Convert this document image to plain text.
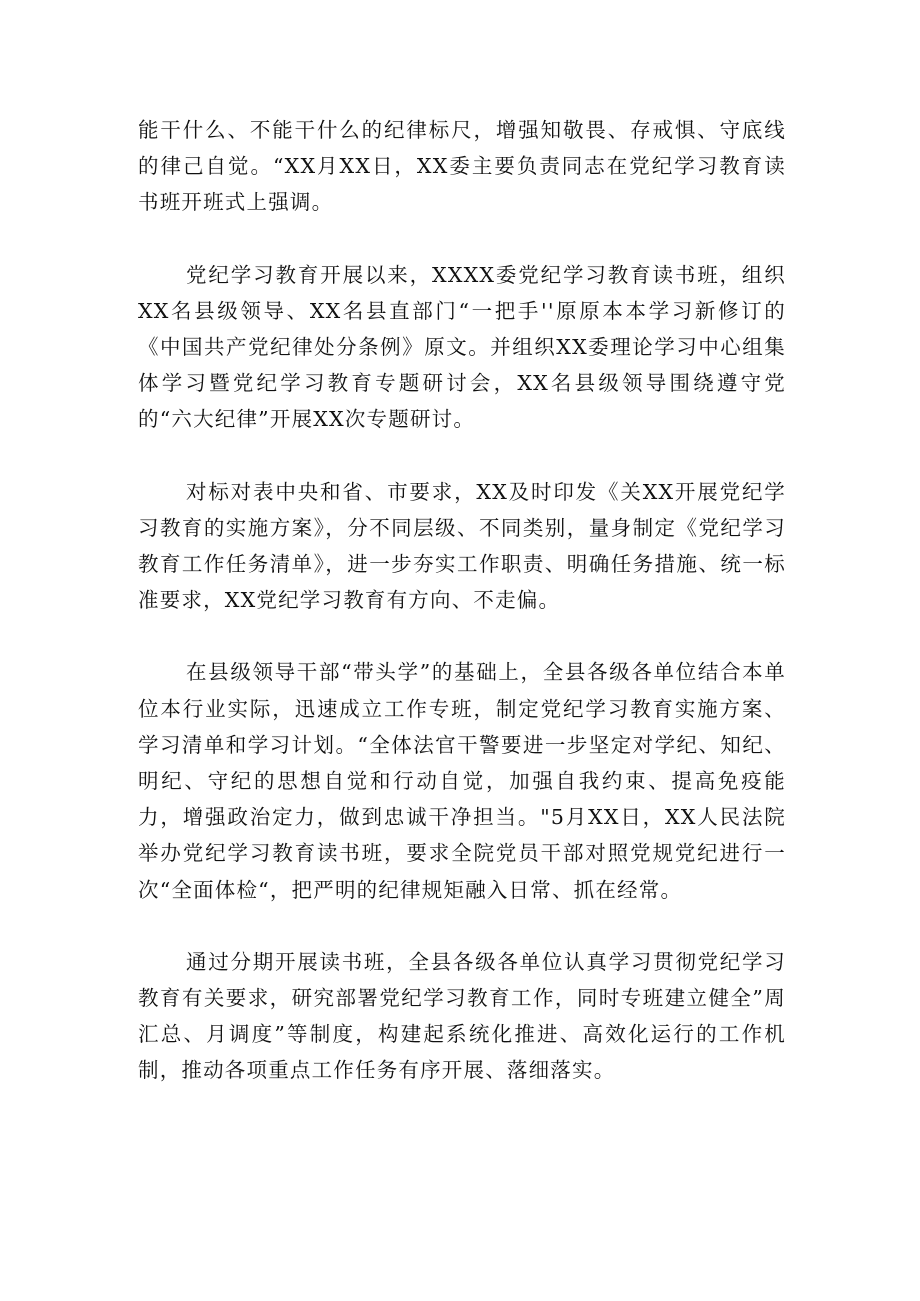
能干什么、不能干什么的纪律标尺，增强知敬畏、存戒惧、守底线的律己自觉。“XX月XX日，XX委主要负责同志在党纪学习教育读书班开班式上强调。

党纪学习教育开展以来，XXXX委党纪学习教育读书班，组织XX名县级领导、XX名县直部门“一把手''原原本本学习新修订的《中国共产党纪律处分条例》原文。并组织XX委理论学习中心组集体学习暨党纪学习教育专题研讨会，XX名县级领导围绕遵守党的“六大纪律”开展XX次专题研讨。

对标对表中央和省、市要求，XX及时印发《关XX开展党纪学习教育的实施方案》，分不同层级、不同类别，量身制定《党纪学习教育工作任务清单》，进一步夯实工作职责、明确任务措施、统一标准要求，XX党纪学习教育有方向、不走偏。

在县级领导干部“带头学”的基础上，全县各级各单位结合本单位本行业实际，迅速成立工作专班，制定党纪学习教育实施方案、学习清单和学习计划。“全体法官干警要进一步坚定对学纪、知纪、明纪、守纪的思想自觉和行动自觉，加强自我约束、提高免疫能力，增强政治定力，做到忠诚干净担当。"5月XX日，XX人民法院举办党纪学习教育读书班，要求全院党员干部对照党规党纪进行一次“全面体检“，把严明的纪律规矩融入日常、抓在经常。

通过分期开展读书班，全县各级各单位认真学习贯彻党纪学习教育有关要求，研究部署党纪学习教育工作，同时专班建立健全”周汇总、月调度”等制度，构建起系统化推进、高效化运行的工作机制，推动各项重点工作任务有序开展、落细落实。
